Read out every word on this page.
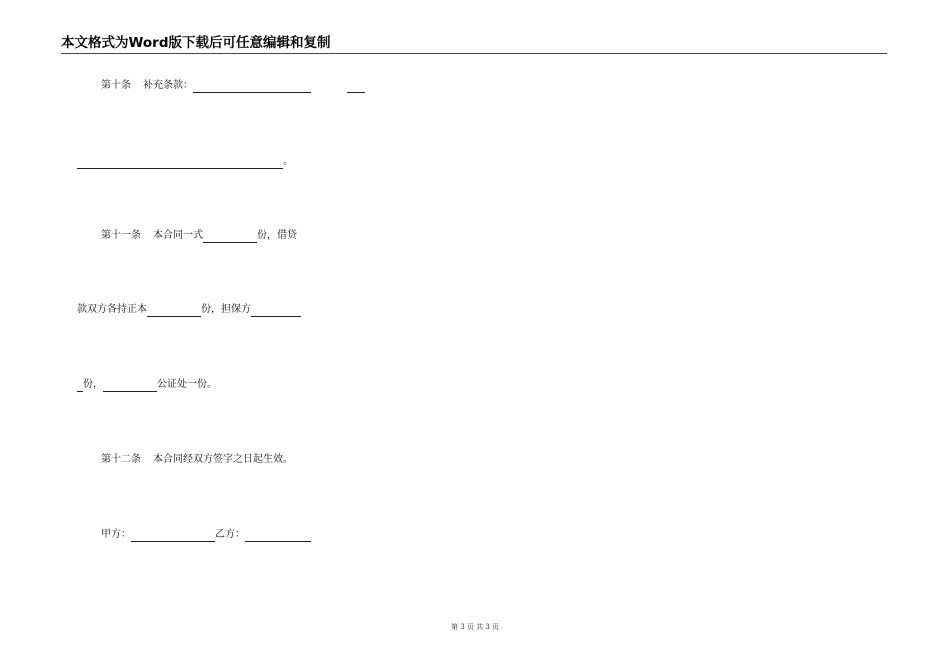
本文格式为Word版下载后可任意编辑和复制
第十条 补充条款：
。
第十一条 本合同一式	份，借贷
款双方各持正本	份，担保方
份，	公证处一份。
第十二条 本合同经双方签字之日起生效。
甲方：	乙方：
第 3 页 共 3 页
